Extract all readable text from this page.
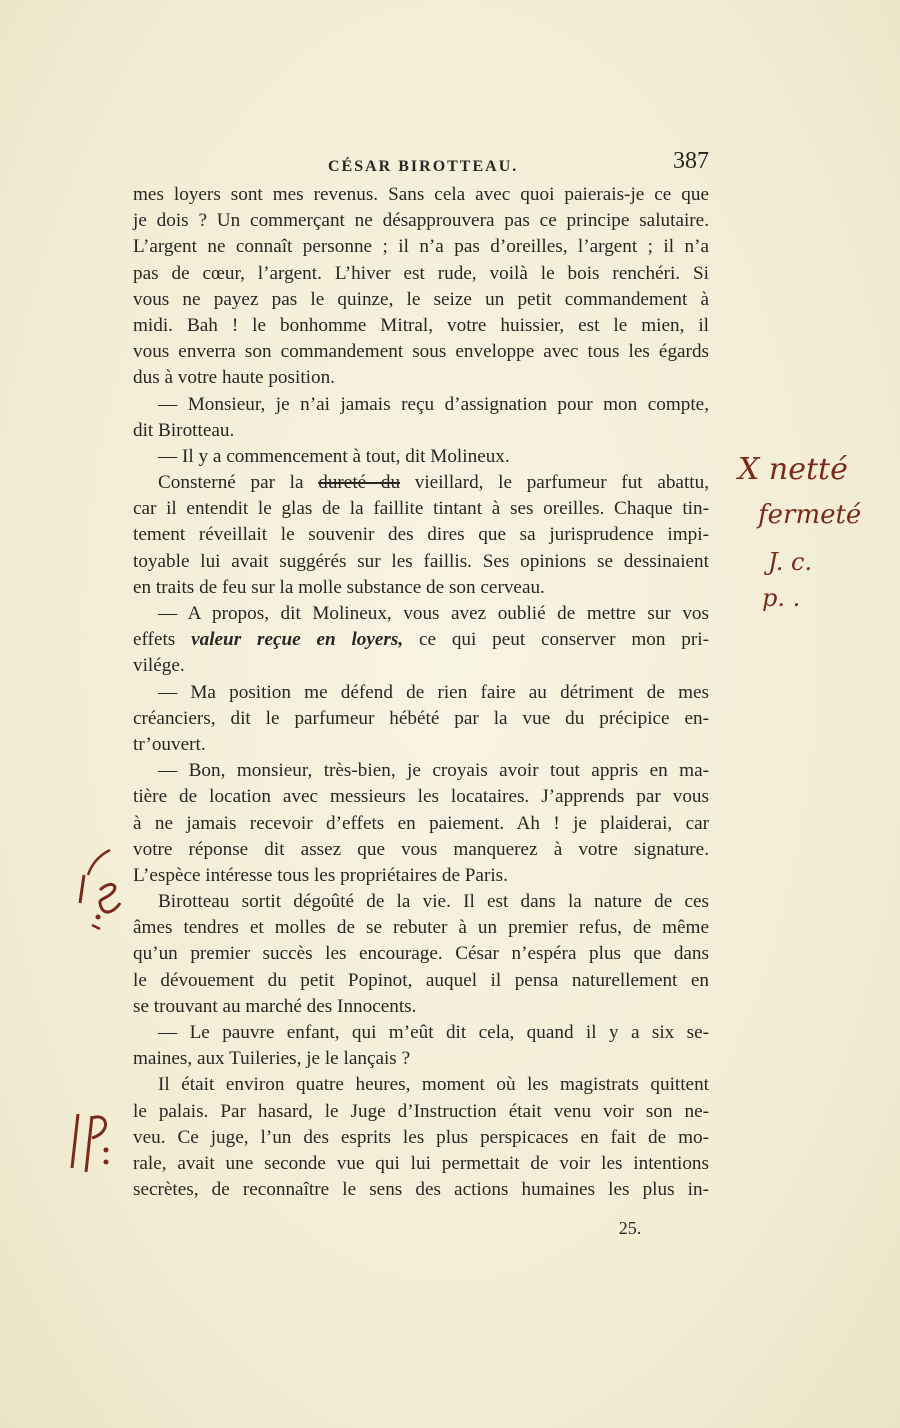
CÉSAR BIROTTEAU.	387
mes loyers sont mes revenus. Sans cela avec quoi paierais-je ce que
je dois ? Un commerçant ne désapprouvera pas ce principe salutaire.
L’argent ne connaît personne ; il n’a pas d’oreilles, l’argent ; il n’a
pas de cœur, l’argent. L’hiver est rude, voilà le bois renchéri. Si
vous ne payez pas le quinze, le seize un petit commandement à
midi. Bah ! le bonhomme Mitral, votre huissier, est le mien, il
vous enverra son commandement sous enveloppe avec tous les égards
dus à votre haute position.
— Monsieur, je n’ai jamais reçu d’assignation pour mon compte,
dit Birotteau.
— Il y a commencement à tout, dit Molineux.
Consterné par la dureté du vieillard, le parfumeur fut abattu,
car il entendit le glas de la faillite tintant à ses oreilles. Chaque tin-
tement réveillait le souvenir des dires que sa jurisprudence impi-
toyable lui avait suggérés sur les faillis. Ses opinions se dessinaient
en traits de feu sur la molle substance de son cerveau.
— A propos, dit Molineux, vous avez oublié de mettre sur vos
effets valeur reçue en loyers, ce qui peut conserver mon pri-
vilége.
— Ma position me défend de rien faire au détriment de mes
créanciers, dit le parfumeur hébété par la vue du précipice en-
tr’ouvert.
— Bon, monsieur, très-bien, je croyais avoir tout appris en ma-
tière de location avec messieurs les locataires. J’apprends par vous
à ne jamais recevoir d’effets en paiement. Ah ! je plaiderai, car
votre réponse dit assez que vous manquerez à votre signature.
L’espèce intéresse tous les propriétaires de Paris.
Birotteau sortit dégoûté de la vie. Il est dans la nature de ces
âmes tendres et molles de se rebuter à un premier refus, de même
qu’un premier succès les encourage. César n’espéra plus que dans
le dévouement du petit Popinot, auquel il pensa naturellement en
se trouvant au marché des Innocents.
— Le pauvre enfant, qui m’eût dit cela, quand il y a six se-
maines, aux Tuileries, je le lançais ?
Il était environ quatre heures, moment où les magistrats quittent
le palais. Par hasard, le Juge d’Instruction était venu voir son ne-
veu. Ce juge, l’un des esprits les plus perspicaces en fait de mo-
rale, avait une seconde vue qui lui permettait de voir les intentions
secrètes, de reconnaître le sens des actions humaines les plus in-
25.
X netté
fermeté
J. c.
p. .
